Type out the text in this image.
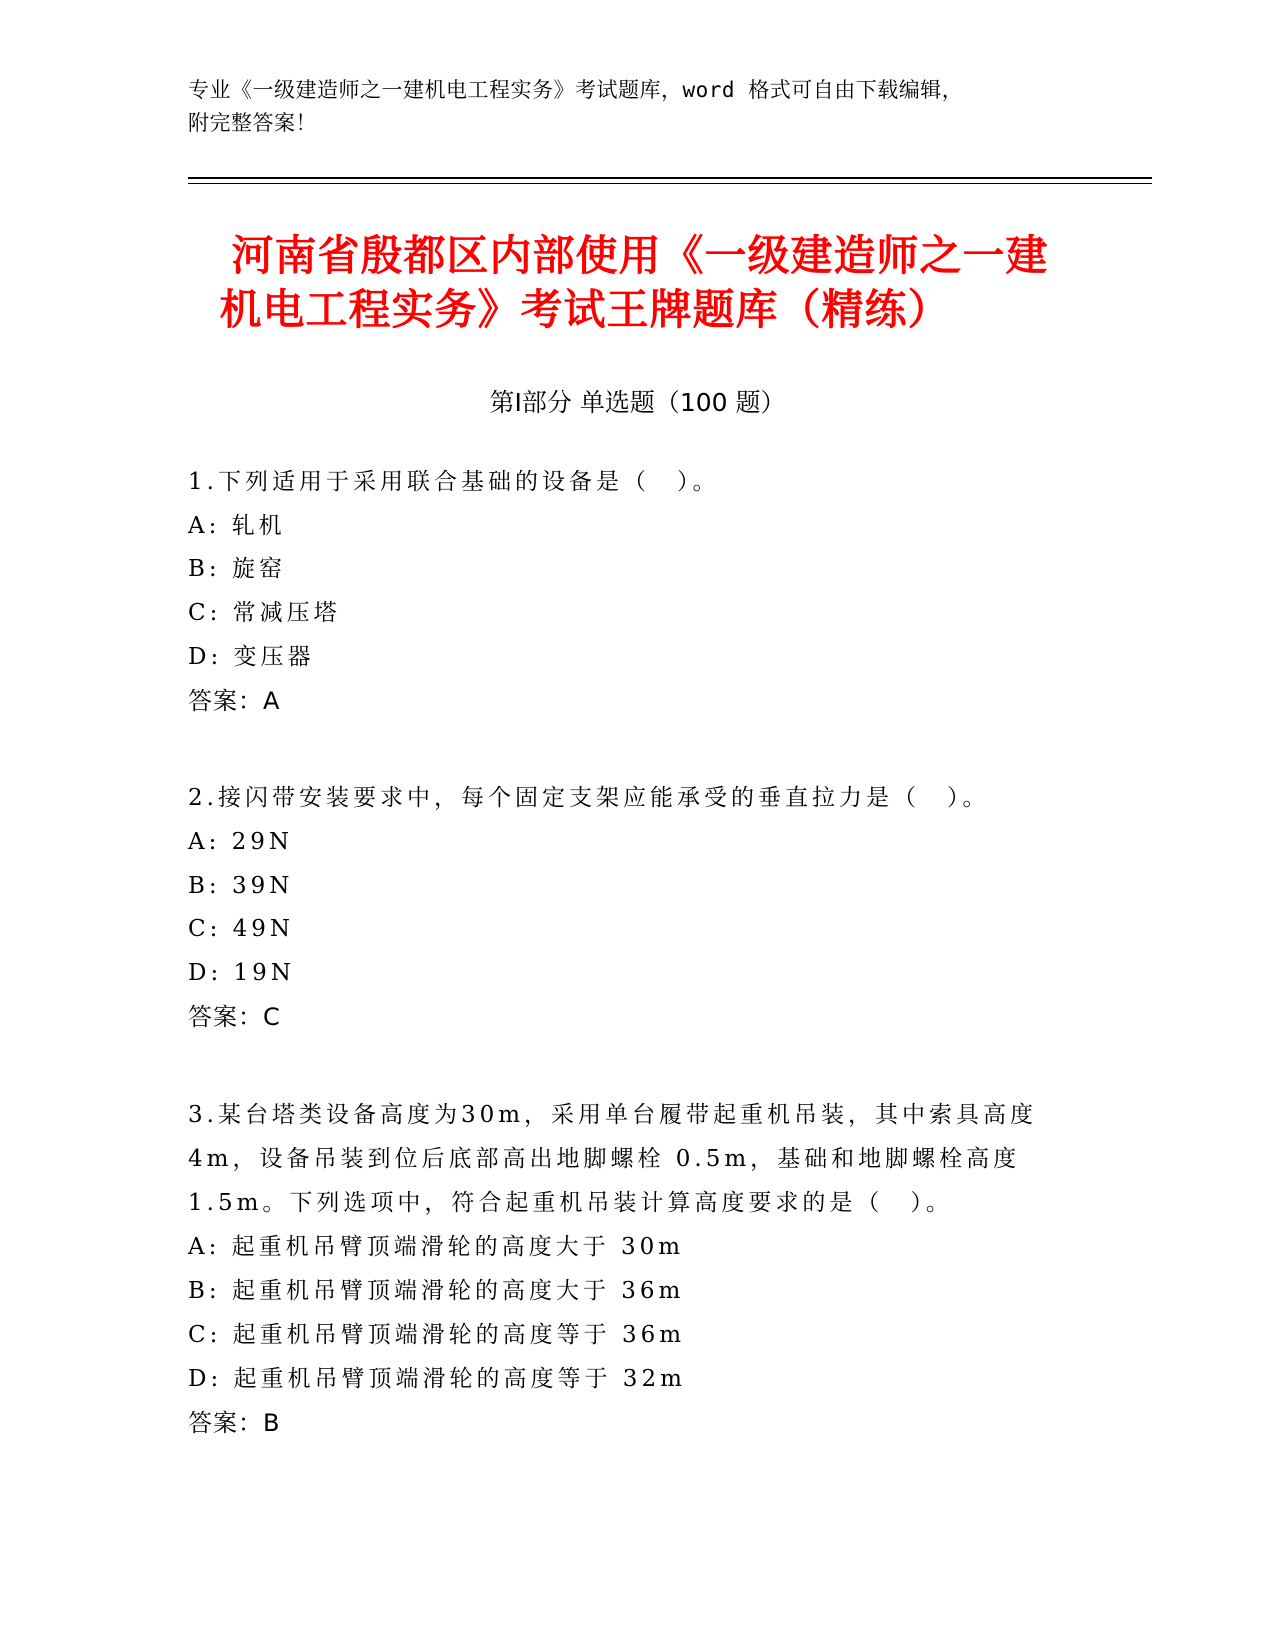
专业《一级建造师之一建机电工程实务》考试题库，word 格式可自由下载编辑，
附完整答案！
河南省殷都区内部使用《一级建造师之一建
机电工程实务》考试王牌题库（精练）
第Ⅰ部分 单选题（100 题）
1.下列适用于采用联合基础的设备是（　）。
A: 轧机
B: 旋窑
C: 常减压塔
D: 变压器
答案：A
2.接闪带安装要求中，每个固定支架应能承受的垂直拉力是（　）。
A: 29N
B: 39N
C: 49N
D: 19N
答案：C
3.某台塔类设备高度为30m，采用单台履带起重机吊装，其中索具高度
4m，设备吊装到位后底部高出地脚螺栓 0.5m，基础和地脚螺栓高度
1.5m。下列选项中，符合起重机吊装计算高度要求的是（　）。
A: 起重机吊臂顶端滑轮的高度大于 30m
B: 起重机吊臂顶端滑轮的高度大于 36m
C: 起重机吊臂顶端滑轮的高度等于 36m
D: 起重机吊臂顶端滑轮的高度等于 32m
答案：B
